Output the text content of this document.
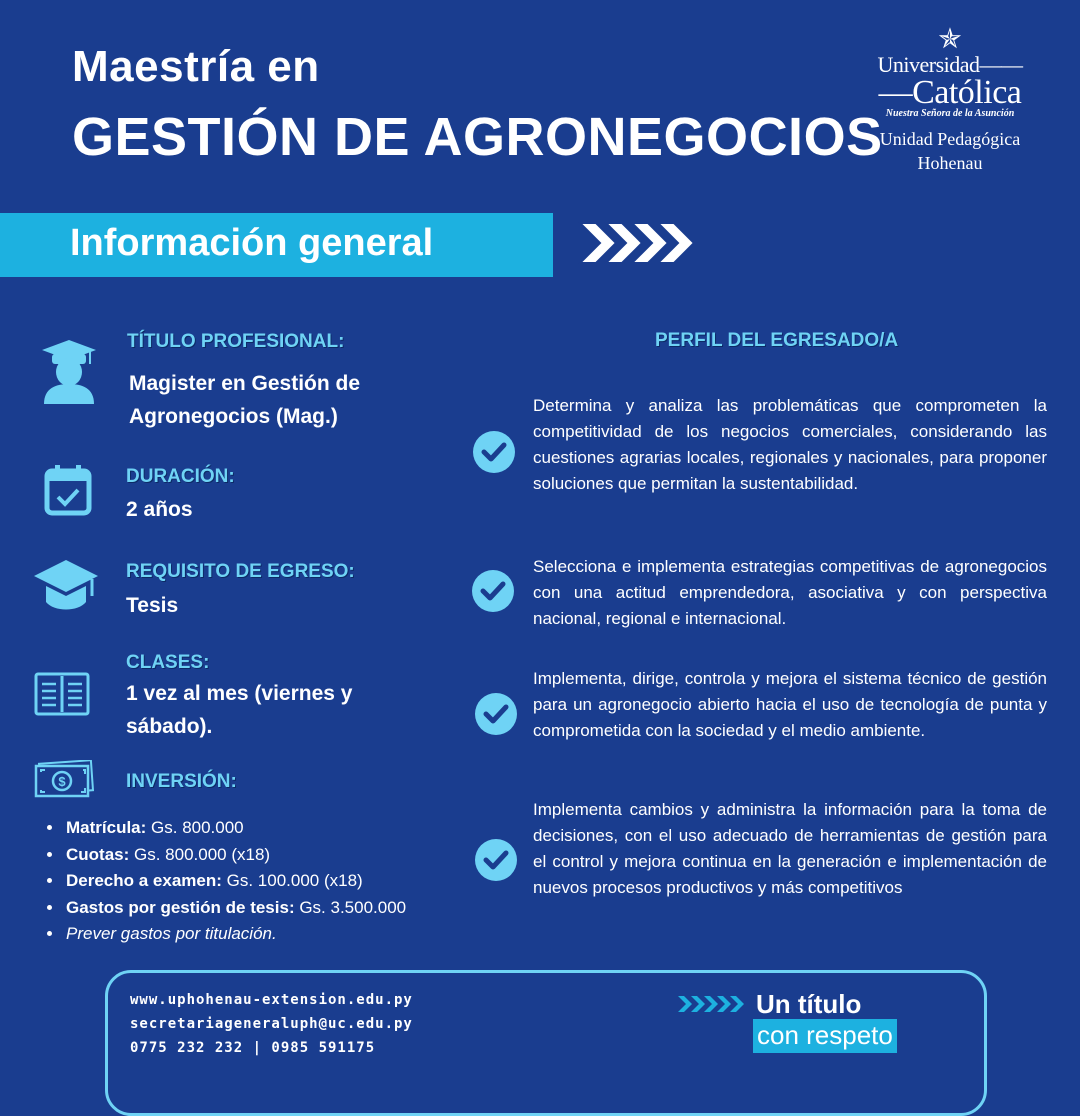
Maestría en
GESTIÓN DE AGRONEGOCIOS
✯
Universidad——
—Católica
Nuestra Señora de la Asunción
Unidad Pedagógica
Hohenau
Información general
TÍTULO PROFESIONAL:
Magister en Gestión de
Agronegocios (Mag.)
DURACIÓN:
2 años
REQUISITO DE EGRESO:
Tesis
CLASES:
1 vez al mes (viernes y
sábado).
$	INVERSIÓN:
• Matrícula: Gs. 800.000
• Cuotas: Gs. 800.000 (x18)
• Derecho a examen: Gs. 100.000 (x18)
• Gastos por gestión de tesis: Gs. 3.500.000
• Prever gastos por titulación.
PERFIL DEL EGRESADO/A
Determina y analiza las problemáticas que comprometen la competitividad de los negocios comerciales, considerando las cuestiones agrarias locales, regionales y nacionales, para proponer soluciones que permitan la sustentabilidad.
Selecciona e implementa estrategias competitivas de agronegocios con una actitud emprendedora, asociativa y con perspectiva nacional, regional e internacional.
Implementa, dirige, controla y mejora el sistema técnico de gestión para un agronegocio abierto hacia el uso de tecnología de punta y comprometida con la sociedad y el medio ambiente.
Implementa cambios y administra la información para la toma de decisiones, con el uso adecuado de herramientas de gestión para el control y mejora continua en la generación e implementación de nuevos procesos productivos y más competitivos
www.uphohenau-extension.edu.py
secretariageneraluph@uc.edu.py
0775 232 232 | 0985 591175
Un título
con respeto
